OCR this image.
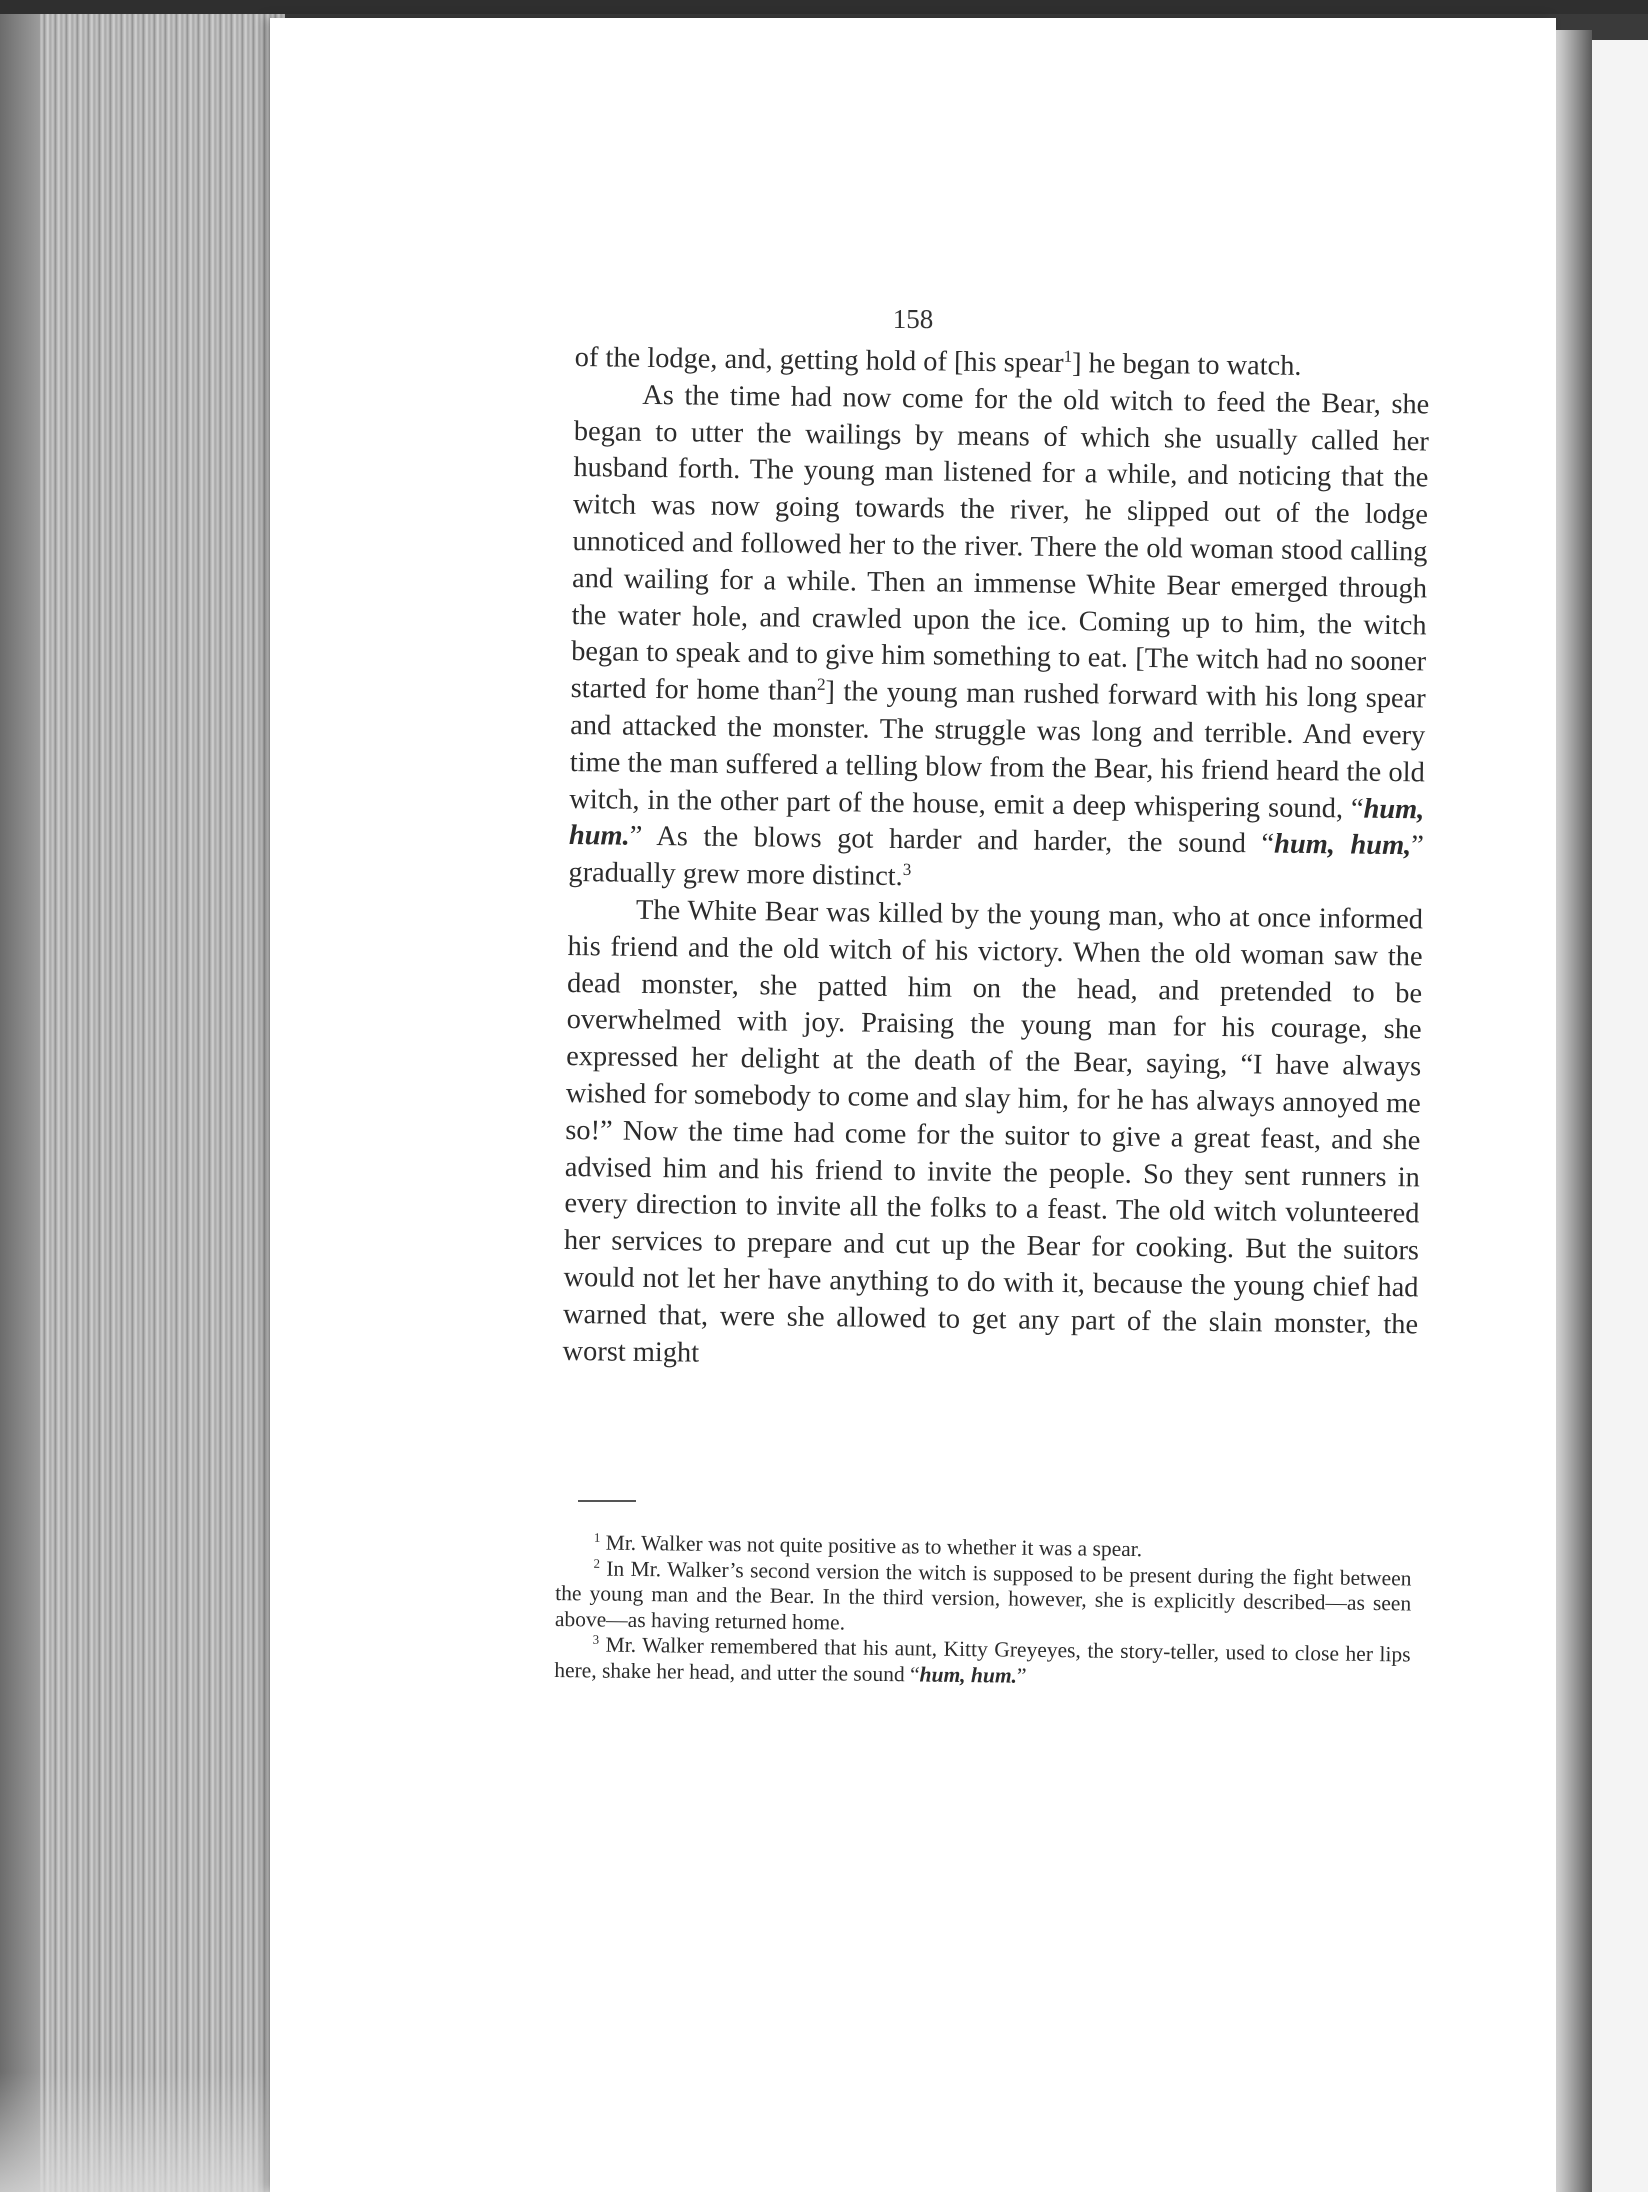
158

of the lodge, and, getting hold of [his spear$^1$] he began to watch.

As the time had now come for the old witch to feed the Bear, she began to utter the wailings by means of which she usually called her husband forth. The young man listened for a while, and noticing that the witch was now going towards the river, he slipped out of the lodge unnoticed and followed her to the river. There the old woman stood calling and wailing for a while. Then an immense White Bear emerged through the water hole, and crawled upon the ice. Coming up to him, the witch began to speak and to give him something to eat. [The witch had no sooner started for home than$^2$] the young man rushed forward with his long spear and attacked the monster. The struggle was long and terrible. And every time the man suffered a telling blow from the Bear, his friend heard the old witch, in the other part of the house, emit a deep whispering sound, “hum, hum.” As the blows got harder and harder, the sound “hum, hum,” gradually grew more distinct.$^3$

The White Bear was killed by the young man, who at once informed his friend and the old witch of his victory. When the old woman saw the dead monster, she patted him on the head, and pretended to be overwhelmed with joy. Praising the young man for his courage, she expressed her delight at the death of the Bear, saying, “I have always wished for somebody to come and slay him, for he has always annoyed me so!” Now the time had come for the suitor to give a great feast, and she advised him and his friend to invite the people. So they sent runners in every direction to invite all the folks to a feast. The old witch volunteered her services to prepare and cut up the Bear for cooking. But the suitors would not let her have anything to do with it, because the young chief had warned that, were she allowed to get any part of the slain monster, the worst might

$^1$ Mr. Walker was not quite positive as to whether it was a spear.

$^2$ In Mr. Walker’s second version the witch is supposed to be present during the fight between the young man and the Bear. In the third version, however, she is explicitly described—as seen above—as having returned home.

$^3$ Mr. Walker remembered that his aunt, Kitty Greyeyes, the story-teller, used to close her lips here, shake her head, and utter the sound “hum, hum.”
